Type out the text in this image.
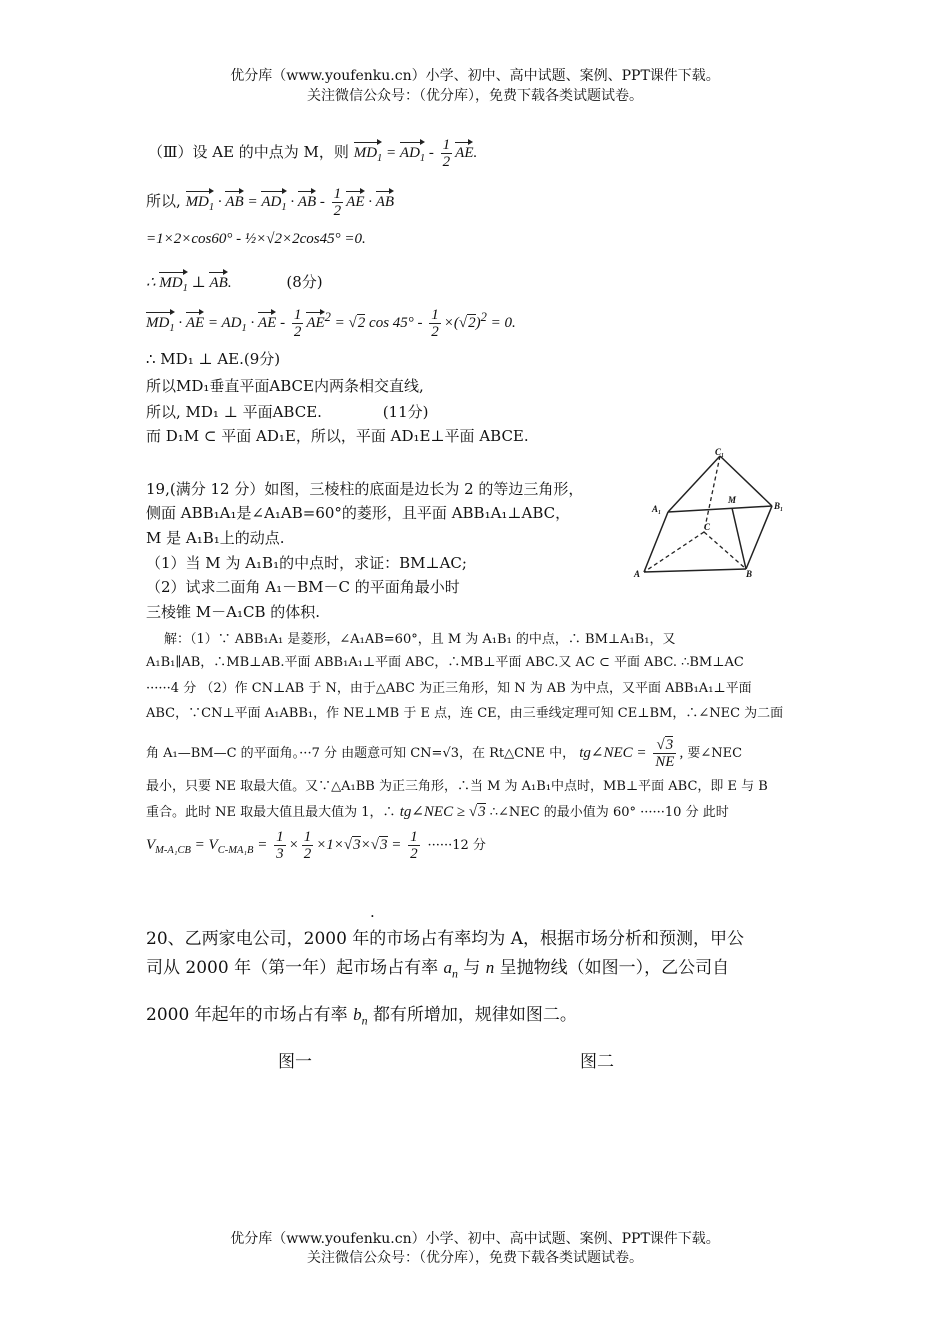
优分库（www.youfenku.cn）小学、初中、高中试题、案例、PPT课件下载。
关注微信公众号：（优分库），免费下载各类试题试卷。
（Ⅲ）设 AE 的中点为 M，则 $MD_1 = AD_1 - \frac{1}{2}$ AE.
所以, $MD_1$ · AB = $AD_1$ · AB - $\frac{1}{2}$ AE · AB
=1×2×cos60° - ½×√2×2cos45° =0.
∴ $MD_1$ ⊥ AB.	(8分)
$MD_1$ · AE = $AD_1$ · AE - $\frac{1}{2} AE^2 = √2$ $\cos 45^\circ - \frac{1}{2} \times(√2)^2 = 0$.
∴ MD₁ ⊥ AE.(9分)
所以MD₁垂直平面ABCE内两条相交直线,
所以, MD₁ ⊥ 平面ABCE.	(11分)
而 D₁M ⊂ 平面 AD₁E，所以，平面 AD₁E⊥平面 ABCE.
19,(满分 12 分）如图，三棱柱的底面是边长为 2 的等边三角形，
侧面 ABB₁A₁是∠A₁AB=60°的菱形，且平面 ABB₁A₁⊥ABC，
M 是 A₁B₁上的动点.
（1）当 M 为 A₁B₁的中点时，求证：BM⊥AC;
（2）试求二面角 A₁－BM－C 的平面角最小时
三棱锥 M－A₁CB 的体积.
C₁
A₁
M
B₁
C
A	B
解：（1）∵ ABB₁A₁ 是菱形，∠A₁AB=60°，且 M 为 A₁B₁ 的中点，∴ BM⊥A₁B₁，又
A₁B₁∥AB，∴MB⊥AB.平面 ABB₁A₁⊥平面 ABC，∴MB⊥平面 ABC.又 AC ⊂ 平面 ABC. ∴BM⊥AC
······4 分 （2）作 CN⊥AB 于 N，由于△ABC 为正三角形，知 N 为 AB 为中点，又平面 ABB₁A₁⊥平面
ABC，∵CN⊥平面 A₁ABB₁，作 NE⊥MB 于 E 点，连 CE，由三垂线定理可知 CE⊥BM，∴∠NEC 为二面
角 A₁—BM—C 的平面角。···7 分 由题意可知 CN=√3，在 Rt△CNE 中， tg∠NEC = $\frac{√3}{NE}$ , 要∠NEC
最小，只要 NE 取最大值。又∵△A₁BB 为正三角形，∴当 M 为 A₁B₁中点时，MB⊥平面 ABC，即 E 与 B
重合。此时 NE 取最大值且最大值为 1，∴ tg∠NEC ≥ √3 ∴∠NEC 的最小值为 60° ······10 分 此时
$V_{M-A_1CB} = V_{C-MA_1B} = \frac{1}{3} \times \frac{1}{2} \times 1\times√3\times√3 = \frac{1}{2} \cdot\cdot\cdot\cdot\cdot\cdot 12$ 分
.
20、乙两家电公司，2000 年的市场占有率均为 A，根据市场分析和预测，甲公
司从 2000 年（第一年）起市场占有率 $a_n$ 与 n 呈抛物线（如图一），乙公司自
2000 年起年的市场占有率 $b_n$ 都有所增加，规律如图二。
图一	图二
优分库（www.youfenku.cn）小学、初中、高中试题、案例、PPT课件下载。
关注微信公众号：（优分库），免费下载各类试题试卷。
